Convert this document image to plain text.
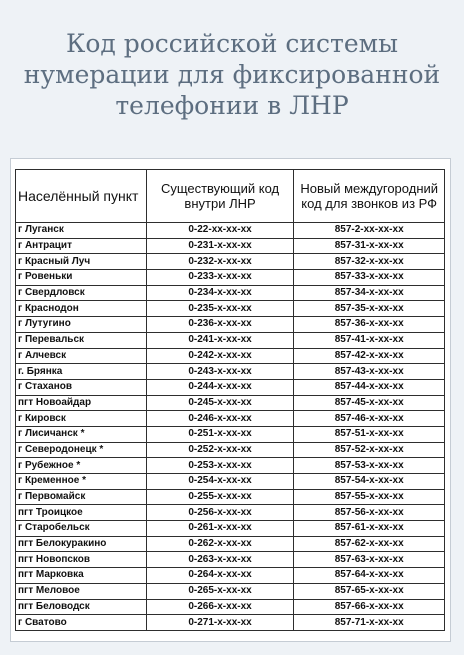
Код российской системы
нумерации для фиксированной
телефонии в ЛНР
Населённый пункт	Существующий код внутри ЛНР	Новый междугородний код для звонков из РФ
г Луганск	0-22-хх-хх-хх	857-2-хх-хх-хх
г Антрацит	0-231-х-хх-хх	857-31-х-хх-хх
г Красный Луч	0-232-х-хх-хх	857-32-х-хх-хх
г Ровеньки	0-233-х-хх-хх	857-33-х-хх-хх
г Свердловск	0-234-х-хх-хх	857-34-х-хх-хх
г Краснодон	0-235-х-хх-хх	857-35-х-хх-хх
г Лутугино	0-236-х-хх-хх	857-36-х-хх-хх
г Перевальск	0-241-х-хх-хх	857-41-х-хх-хх
г Алчевск	0-242-х-хх-хх	857-42-х-хх-хх
г. Брянка	0-243-х-хх-хх	857-43-х-хх-хх
г Стаханов	0-244-х-хх-хх	857-44-х-хх-хх
пгт Новоайдар	0-245-х-хх-хх	857-45-х-хх-хх
г Кировск	0-246-х-хх-хх	857-46-х-хх-хх
г Лисичанск *	0-251-х-хх-хх	857-51-х-хх-хх
г Северодонецк *	0-252-х-хх-хх	857-52-х-хх-хх
г Рубежное *	0-253-х-хх-хх	857-53-х-хх-хх
г Кременное *	0-254-х-хх-хх	857-54-х-хх-хх
г Первомайск	0-255-х-хх-хх	857-55-х-хх-хх
пгт Троицкое	0-256-х-хх-хх	857-56-х-хх-хх
г Старобельск	0-261-х-хх-хх	857-61-х-хх-хх
пгт Белокуракино	0-262-х-хх-хх	857-62-х-хх-хх
пгт Новопсков	0-263-х-хх-хх	857-63-х-хх-хх
пгт Марковка	0-264-х-хх-хх	857-64-х-хх-хх
пгт Меловое	0-265-х-хх-хх	857-65-х-хх-хх
пгт Беловодск	0-266-х-хх-хх	857-66-х-хх-хх
г Сватово	0-271-х-хх-хх	857-71-х-хх-хх
